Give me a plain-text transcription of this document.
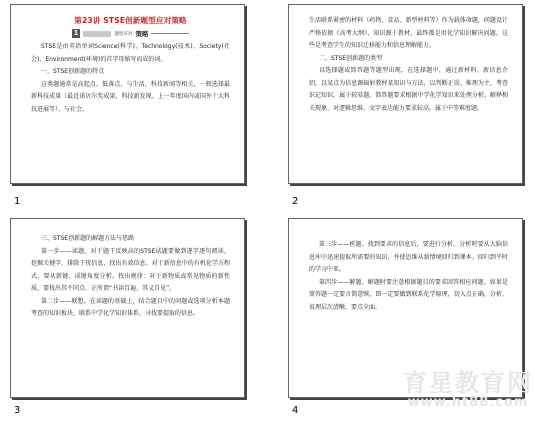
第23讲 STSE创新题型应对策略
1	题型应对 策略

STSE是由英语单词Science(科学)、Technology(技术)、Society(社会)、Environment(环境)的首字母缩写而成的词。

一、STSE创新题的特点

这类题通常是高起点、低落点，与生活、科技新闻等相关，一般选择最新科技成果（最近诺贝尔奖成果、科技新发现、上一年度国内或国外十大科技进展等）、与社会、

1

生活联系紧密的材料（药物、食品、新型材料等）作为载体命题，问题设计严格依据《高考大纲》，知识源于教材，最终都是用化学知识解决问题。这些是考查学生的知识迁移能力和信息理解能力。

二、STSE创新题的类型

以选择题或简答题等题型出现。在选择题中，通过新材料、新信息介绍，以某点为信息源辐射教材某知识与方法，以判断正误、推理为主，考查识记知识。属于较易题。简答题要求根据中学化学知识来处理分析、解释相关现象、对逻辑思维、文字表达能力要求较高，属于中等难度题。

2

三、STSE创新题的解题方法与思路

第一步——读题。对于题干反映高的STSE试题要做到逐字逐句阅读，挖掘关键字，排除干扰信息，找出有效信息。对于新信息中的有机化学方程式，要从新键、成键角度分析。找出规律：对于新物质或常见物质的新性质，要找出其不同点。正所谓“书读百遍，其义自见”。

第二步——联想。在读题的基础上，结合题目中的问题或选项分析本题考查的知识板块，联系中学化学知识体系，寻找要提取的信息。

3

第三步——析题。找到要求的信息后，要进行分析。分析时要从大脑信息库中迅速提取所需要的知识，并使思维从新情境回归到课本、回归到平时的学习中来。

第四步——解题。解题时要注意根据题目的要求回答相应问题。如果是简答题一定要言简意赅，即一定要做到联系化学原理，切入点正确，分析、说理层次清晰，要点全面。

4
育星教育网
www.ht88.com
